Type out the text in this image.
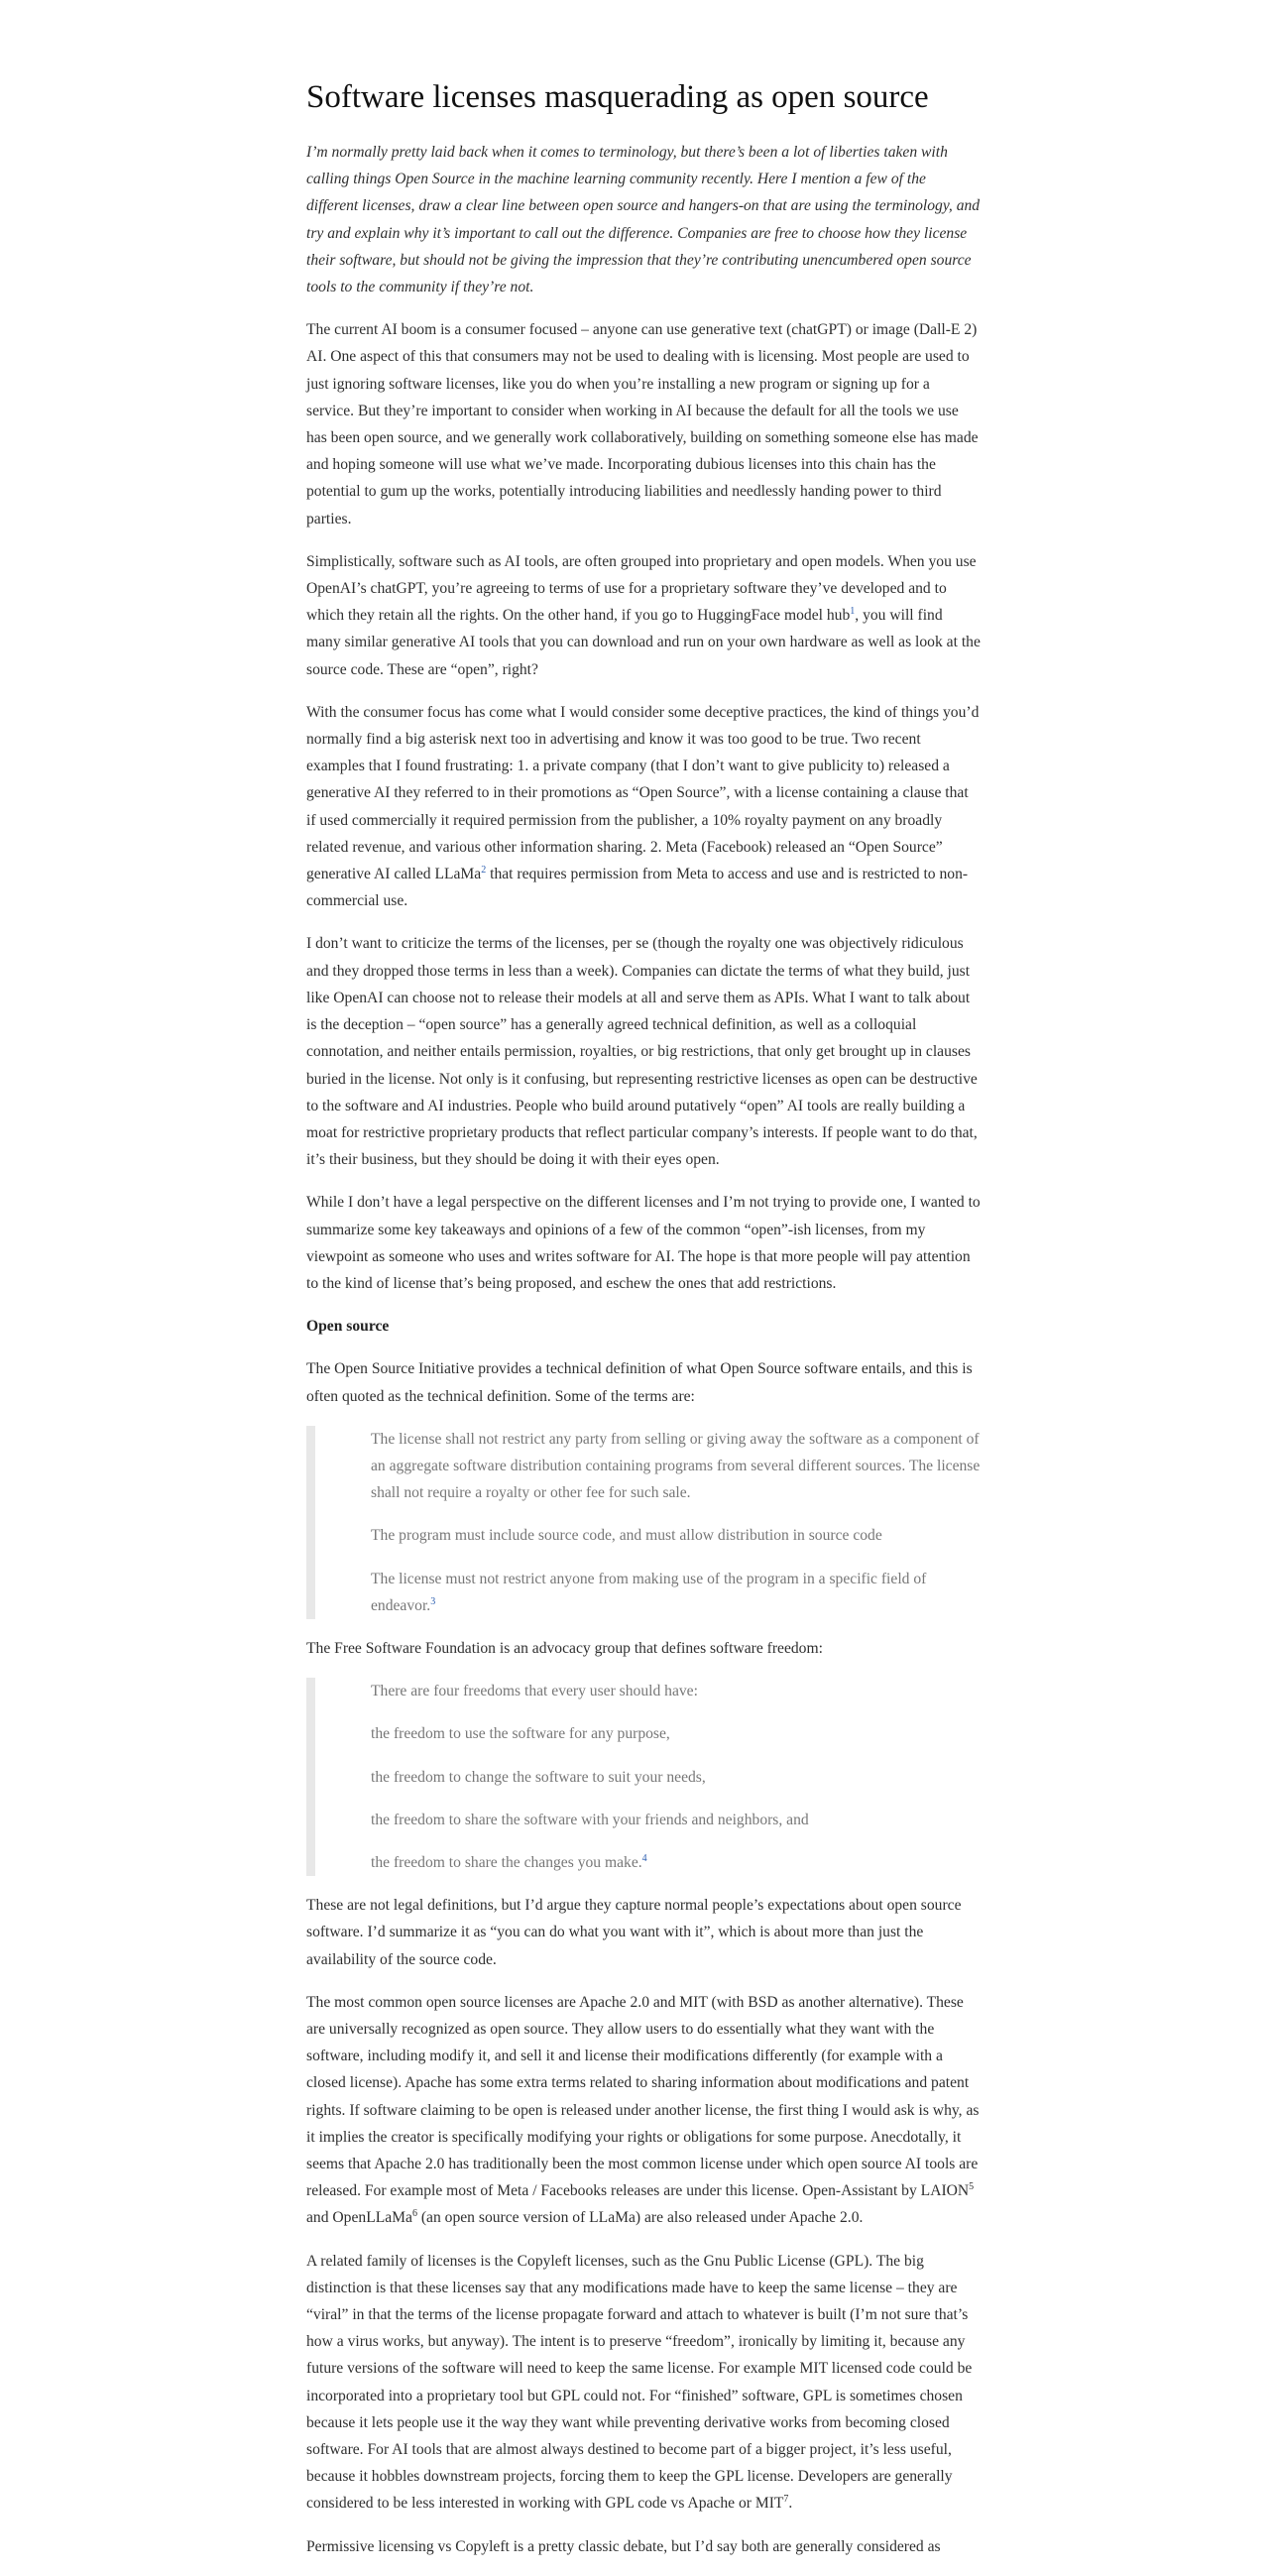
Software licenses masquerading as open source

I’m normally pretty laid back when it comes to terminology, but there’s been a lot of liberties taken with calling things Open Source in the machine learning community recently. Here I mention a few of the different licenses, draw a clear line between open source and hangers-on that are using the terminology, and try and explain why it’s important to call out the difference. Companies are free to choose how they license their software, but should not be giving the impression that they’re contributing unencumbered open source tools to the community if they’re not.

The current AI boom is a consumer focused – anyone can use generative text (chatGPT) or image (Dall-E 2) AI. One aspect of this that consumers may not be used to dealing with is licensing. Most people are used to just ignoring software licenses, like you do when you’re installing a new program or signing up for a service. But they’re important to consider when working in AI because the default for all the tools we use has been open source, and we generally work collaboratively, building on something someone else has made and hoping someone will use what we’ve made. Incorporating dubious licenses into this chain has the potential to gum up the works, potentially introducing liabilities and needlessly handing power to third parties.

Simplistically, software such as AI tools, are often grouped into proprietary and open models. When you use OpenAI’s chatGPT, you’re agreeing to terms of use for a proprietary software they’ve developed and to which they retain all the rights. On the other hand, if you go to HuggingFace model hub$^1$, you will find many similar generative AI tools that you can download and run on your own hardware as well as look at the source code. These are “open”, right?

With the consumer focus has come what I would consider some deceptive practices, the kind of things you’d normally find a big asterisk next too in advertising and know it was too good to be true. Two recent examples that I found frustrating: 1. a private company (that I don’t want to give publicity to) released a generative AI they referred to in their promotions as “Open Source”, with a license containing a clause that if used commercially it required permission from the publisher, a 10% royalty payment on any broadly related revenue, and various other information sharing. 2. Meta (Facebook) released an “Open Source” generative AI called LLaMa$^2$ that requires permission from Meta to access and use and is restricted to non-commercial use.

I don’t want to criticize the terms of the licenses, per se (though the royalty one was objectively ridiculous and they dropped those terms in less than a week). Companies can dictate the terms of what they build, just like OpenAI can choose not to release their models at all and serve them as APIs. What I want to talk about is the deception – “open source” has a generally agreed technical definition, as well as a colloquial connotation, and neither entails permission, royalties, or big restrictions, that only get brought up in clauses buried in the license. Not only is it confusing, but representing restrictive licenses as open can be destructive to the software and AI industries. People who build around putatively “open” AI tools are really building a moat for restrictive proprietary products that reflect particular company’s interests. If people want to do that, it’s their business, but they should be doing it with their eyes open.

While I don’t have a legal perspective on the different licenses and I’m not trying to provide one, I wanted to summarize some key takeaways and opinions of a few of the common “open”-ish licenses, from my viewpoint as someone who uses and writes software for AI. The hope is that more people will pay attention to the kind of license that’s being proposed, and eschew the ones that add restrictions.

Open source

The Open Source Initiative provides a technical definition of what Open Source software entails, and this is often quoted as the technical definition. Some of the terms are:

The license shall not restrict any party from selling or giving away the software as a component of an aggregate software distribution containing programs from several different sources. The license shall not require a royalty or other fee for such sale.

The program must include source code, and must allow distribution in source code

The license must not restrict anyone from making use of the program in a specific field of endeavor.$^3$

The Free Software Foundation is an advocacy group that defines software freedom:

There are four freedoms that every user should have:

the freedom to use the software for any purpose,

the freedom to change the software to suit your needs,

the freedom to share the software with your friends and neighbors, and

the freedom to share the changes you make.$^4$

These are not legal definitions, but I’d argue they capture normal people’s expectations about open source software. I’d summarize it as “you can do what you want with it”, which is about more than just the availability of the source code.

The most common open source licenses are Apache 2.0 and MIT (with BSD as another alternative). These are universally recognized as open source. They allow users to do essentially what they want with the software, including modify it, and sell it and license their modifications differently (for example with a closed license). Apache has some extra terms related to sharing information about modifications and patent rights. If software claiming to be open is released under another license, the first thing I would ask is why, as it implies the creator is specifically modifying your rights or obligations for some purpose. Anecdotally, it seems that Apache 2.0 has traditionally been the most common license under which open source AI tools are released. For example most of Meta / Facebooks releases are under this license. Open-Assistant by LAION$^5$ and OpenLLaMa$^6$ (an open source version of LLaMa) are also released under Apache 2.0.

A related family of licenses is the Copyleft licenses, such as the Gnu Public License (GPL). The big distinction is that these licenses say that any modifications made have to keep the same license – they are “viral” in that the terms of the license propagate forward and attach to whatever is built (I’m not sure that’s how a virus works, but anyway). The intent is to preserve “freedom”, ironically by limiting it, because any future versions of the software will need to keep the same license. For example MIT licensed code could be incorporated into a proprietary tool but GPL could not. For “finished” software, GPL is sometimes chosen because it lets people use it the way they want while preventing derivative works from becoming closed software. For AI tools that are almost always destined to become part of a bigger project, it’s less useful, because it hobbles downstream projects, forcing them to keep the GPL license. Developers are generally considered to be less interested in working with GPL code vs Apache or MIT$^7$.

Permissive licensing vs Copyleft is a pretty classic debate, but I’d say both are generally considered as
